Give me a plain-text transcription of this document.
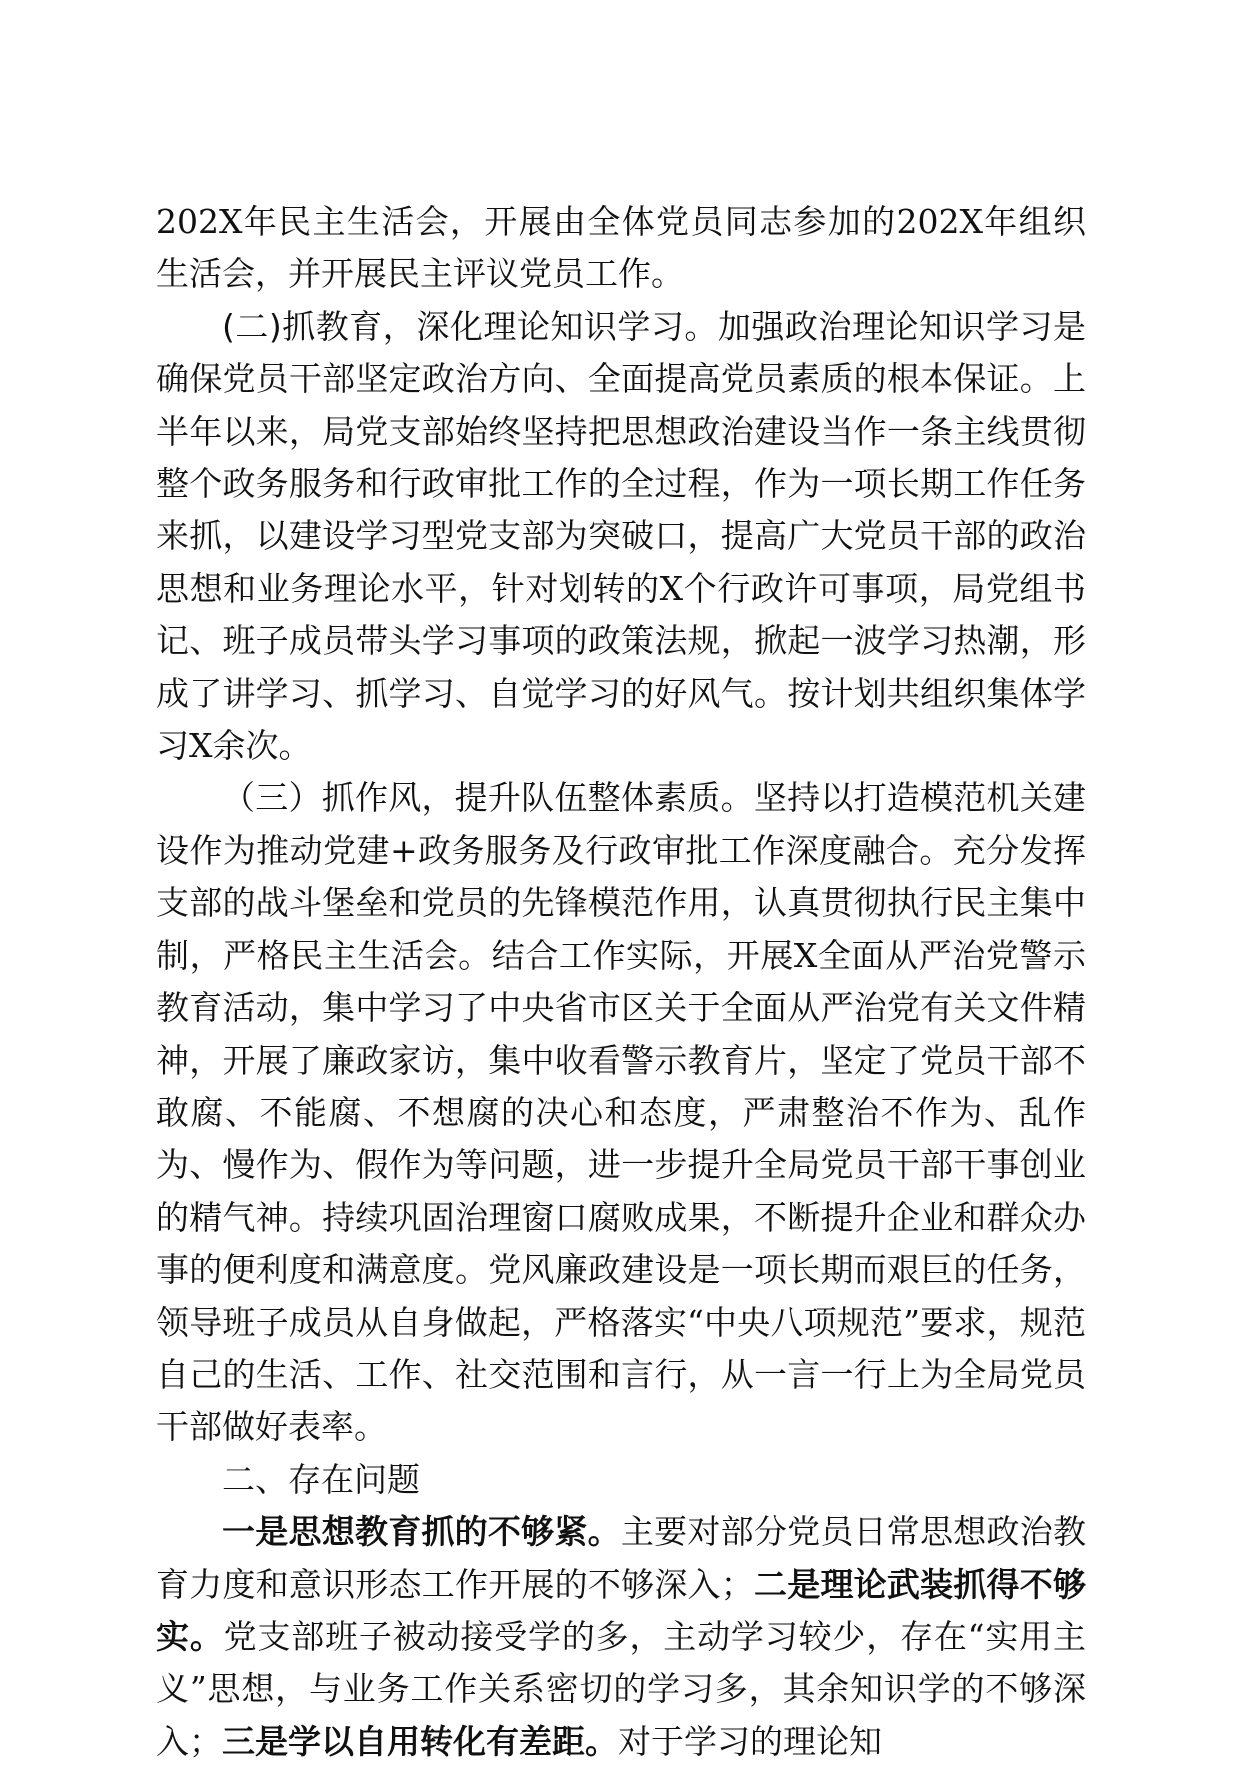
202X年民主生活会，开展由全体党员同志参加的202X年组织生活会，并开展民主评议党员工作。

(二)抓教育，深化理论知识学习。加强政治理论知识学习是确保党员干部坚定政治方向、全面提高党员素质的根本保证。上半年以来，局党支部始终坚持把思想政治建设当作一条主线贯彻整个政务服务和行政审批工作的全过程，作为一项长期工作任务来抓，以建设学习型党支部为突破口，提高广大党员干部的政治思想和业务理论水平，针对划转的X个行政许可事项，局党组书记、班子成员带头学习事项的政策法规，掀起一波学习热潮，形成了讲学习、抓学习、自觉学习的好风气。按计划共组织集体学习X余次。

（三）抓作风，提升队伍整体素质。坚持以打造模范机关建设作为推动党建+政务服务及行政审批工作深度融合。充分发挥支部的战斗堡垒和党员的先锋模范作用，认真贯彻执行民主集中制，严格民主生活会。结合工作实际，开展X全面从严治党警示教育活动，集中学习了中央省市区关于全面从严治党有关文件精神，开展了廉政家访，集中收看警示教育片，坚定了党员干部不敢腐、不能腐、不想腐的决心和态度，严肃整治不作为、乱作为、慢作为、假作为等问题，进一步提升全局党员干部干事创业的精气神。持续巩固治理窗口腐败成果，不断提升企业和群众办事的便利度和满意度。党风廉政建设是一项长期而艰巨的任务，领导班子成员从自身做起，严格落实“中央八项规范”要求，规范自己的生活、工作、社交范围和言行，从一言一行上为全局党员干部做好表率。

二、存在问题

一是思想教育抓的不够紧。主要对部分党员日常思想政治教育力度和意识形态工作开展的不够深入；二是理论武装抓得不够实。党支部班子被动接受学的多，主动学习较少，存在“实用主义”思想，与业务工作关系密切的学习多，其余知识学的不够深入；三是学以自用转化有差距。对于学习的理论知
